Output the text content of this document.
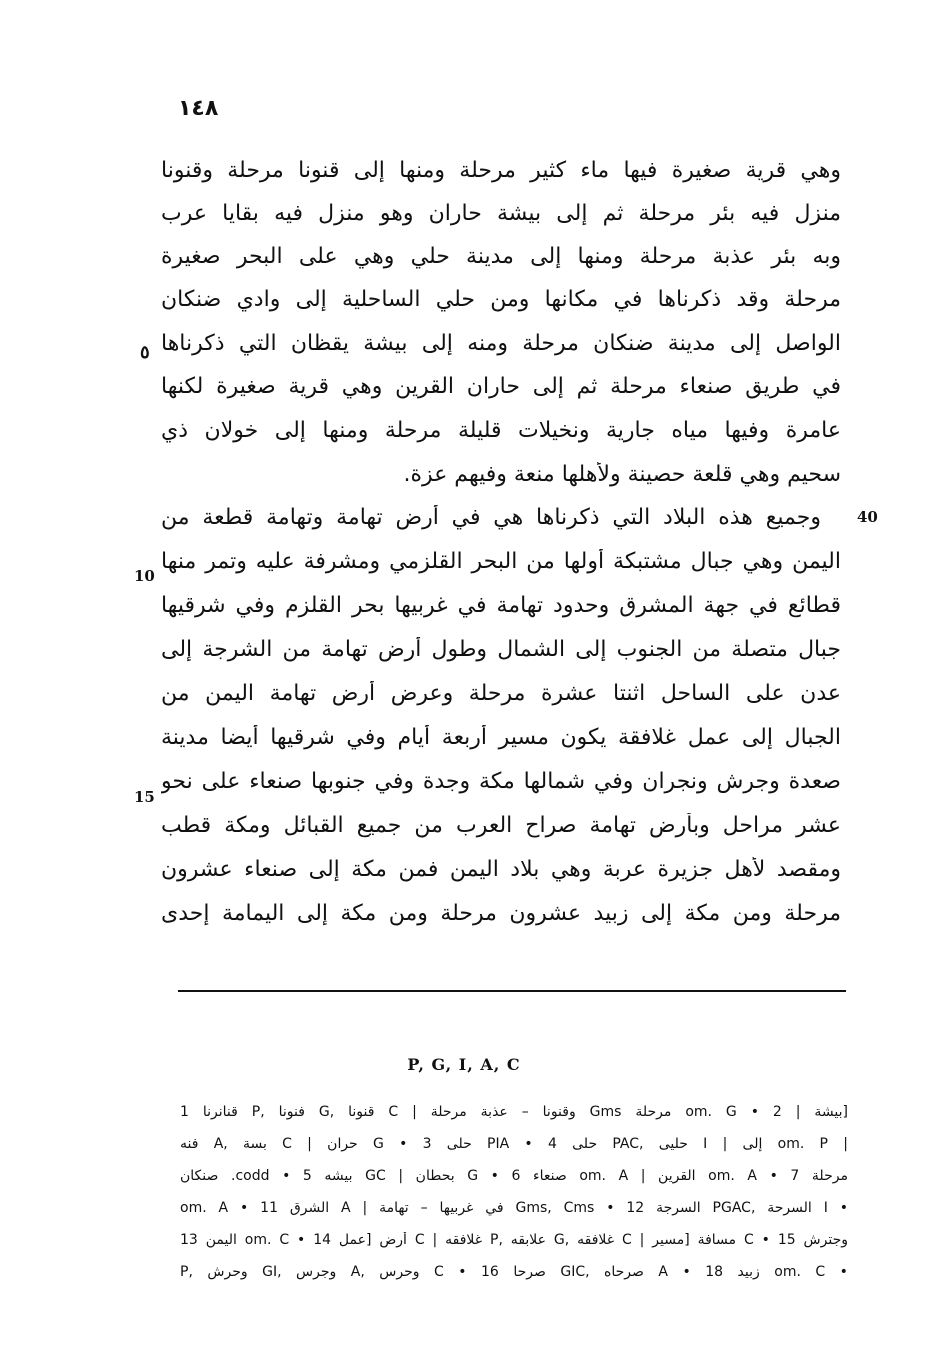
١٤٨
وهي قرية صغيرة فيها ماء كثير مرحلة ومنها إلى قنونا مرحلة وقنونا
منزل فيه بئر مرحلة ثم إلى بيشة حاران وهو منزل فيه بقايا عرب
وبه بئر عذبة مرحلة ومنها إلى مدينة حلي وهي على البحر صغيرة
مرحلة وقد ذكرناها في مكانها ومن حلي الساحلية إلى وادي ضنكان
الواصل إلى مدينة ضنكان مرحلة ومنه إلى بيشة يقظان التي ذكرناها
في طريق صنعاء مرحلة ثم إلى حاران القرين وهي قرية صغيرة لكنها
عامرة وفيها مياه جارية ونخيلات قليلة مرحلة ومنها إلى خولان ذي
سحيم وهي قلعة حصينة ولأهلها منعة وفيهم عزة.
وجميع هذه البلاد التي ذكرناها هي في أرض تهامة وتهامة قطعة من
اليمن وهي جبال مشتبكة أولها من البحر القلزمي ومشرفة عليه وتمر منها
قطائع في جهة المشرق وحدود تهامة في غربيها بحر القلزم وفي شرقيها
جبال متصلة من الجنوب إلى الشمال وطول أرض تهامة من الشرجة إلى
عدن على الساحل اثنتا عشرة مرحلة وعرض أرض تهامة اليمن من
الجبال إلى عمل غلافقة يكون مسير أربعة أيام وفي شرقيها أيضا مدينة
صعدة وجرش ونجران وفي شمالها مكة وجدة وفي جنوبها صنعاء على نحو
عشر مراحل وبأرض تهامة صراح العرب من جميع القبائل ومكة قطب
ومقصد لأهل جزيرة عربة وهي بلاد اليمن فمن مكة إلى صنعاء عشرون
مرحلة ومن مكة إلى زبيد عشرون مرحلة ومن مكة إلى اليمامة إحدى
٥
40
10
15
P, G, I, A, C
[بيشة | om. G • 2 مرحلة Gms وقنونا – عذبة مرحلة | C قنونا ,G فنونا ,P قنانرنا 1
| om. P إلى | I حليى ,PAC حلى 4 • PIA حلى 3 • G حران | C بسة ,A فنه
مرحلة 7 • om. A القرين | om. A صنعاء 6 • G بحطان | GC بيشه 5 • codd. صنكان
• I السرحة ,PGAC السرجة 12 • Gms, Cms في غربيها – تهامة | A الشرق 11 • om. A
وجترش 15 • C مسافة [مسير | C غلافقه ,G علابقه ,P غلافقه | C أرض [عمل 14 • om. C اليمن 13
• om. C زبيد 18 • A صرحاه ,GIC صرحا 16 • C وحرس ,A وجرس ,GI وحرش ,P
